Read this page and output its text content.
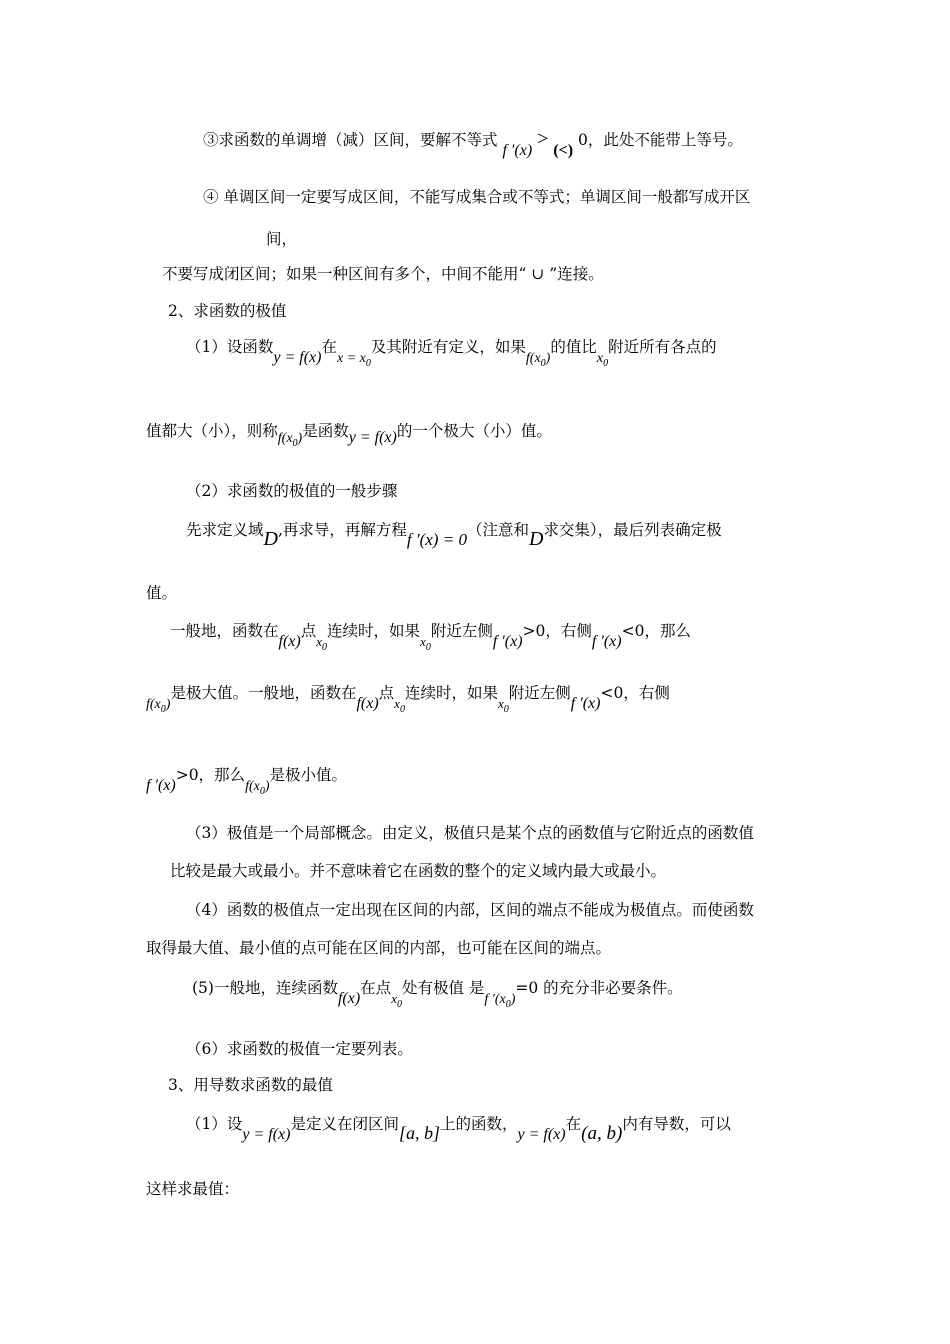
③求函数的单调增（减）区间，要解不等式 f ′(x) > (<) 0，此处不能带上等号。
④ 单调区间一定要写成区间，不能写成集合或不等式；单调区间一般都写成开区
间，
不要写成闭区间；如果一种区间有多个，中间不能用“ ∪ ”连接。
2、求函数的极值
（1）设函数y = f(x)在$x = x_0$及其附近有定义，如果$f(x_0)$的值比$x_0$附近所有各点的
值都大（小），则称$f(x_0)$是函数y = f(x)的一个极大（小）值。
（2）求函数的极值的一般步骤
先求定义域D,再求导，再解方程f ′(x) = 0（注意和D求交集），最后列表确定极
值。
一般地，函数在f(x)点$_{x_0}$连续时，如果$_{x_0}$附近左侧f ′(x)>0，右侧f ′(x)<0，那么
$f(x_0)$是极大值。一般地，函数在f(x)点$_{x_0}$连续时，如果$_{x_0}$附近左侧f ′(x)<0，右侧
f ′(x)>0，那么$f(x_0)$是极小值。
（3）极值是一个局部概念。由定义，极值只是某个点的函数值与它附近点的函数值
比较是最大或最小。并不意味着它在函数的整个的定义域内最大或最小。
（4）函数的极值点一定出现在区间的内部，区间的端点不能成为极值点。而使函数
取得最大值、最小值的点可能在区间的内部，也可能在区间的端点。
(5)一般地，连续函数f(x)在点$_{x_0}$处有极值 是f $'(x_0)=0$ 的充分非必要条件。
（6）求函数的极值一定要列表。
3、用导数求函数的最值
（1）设y = f(x)是定义在闭区间[a, b]上的函数，y = f(x)在(a, b)内有导数，可以
这样求最值：
